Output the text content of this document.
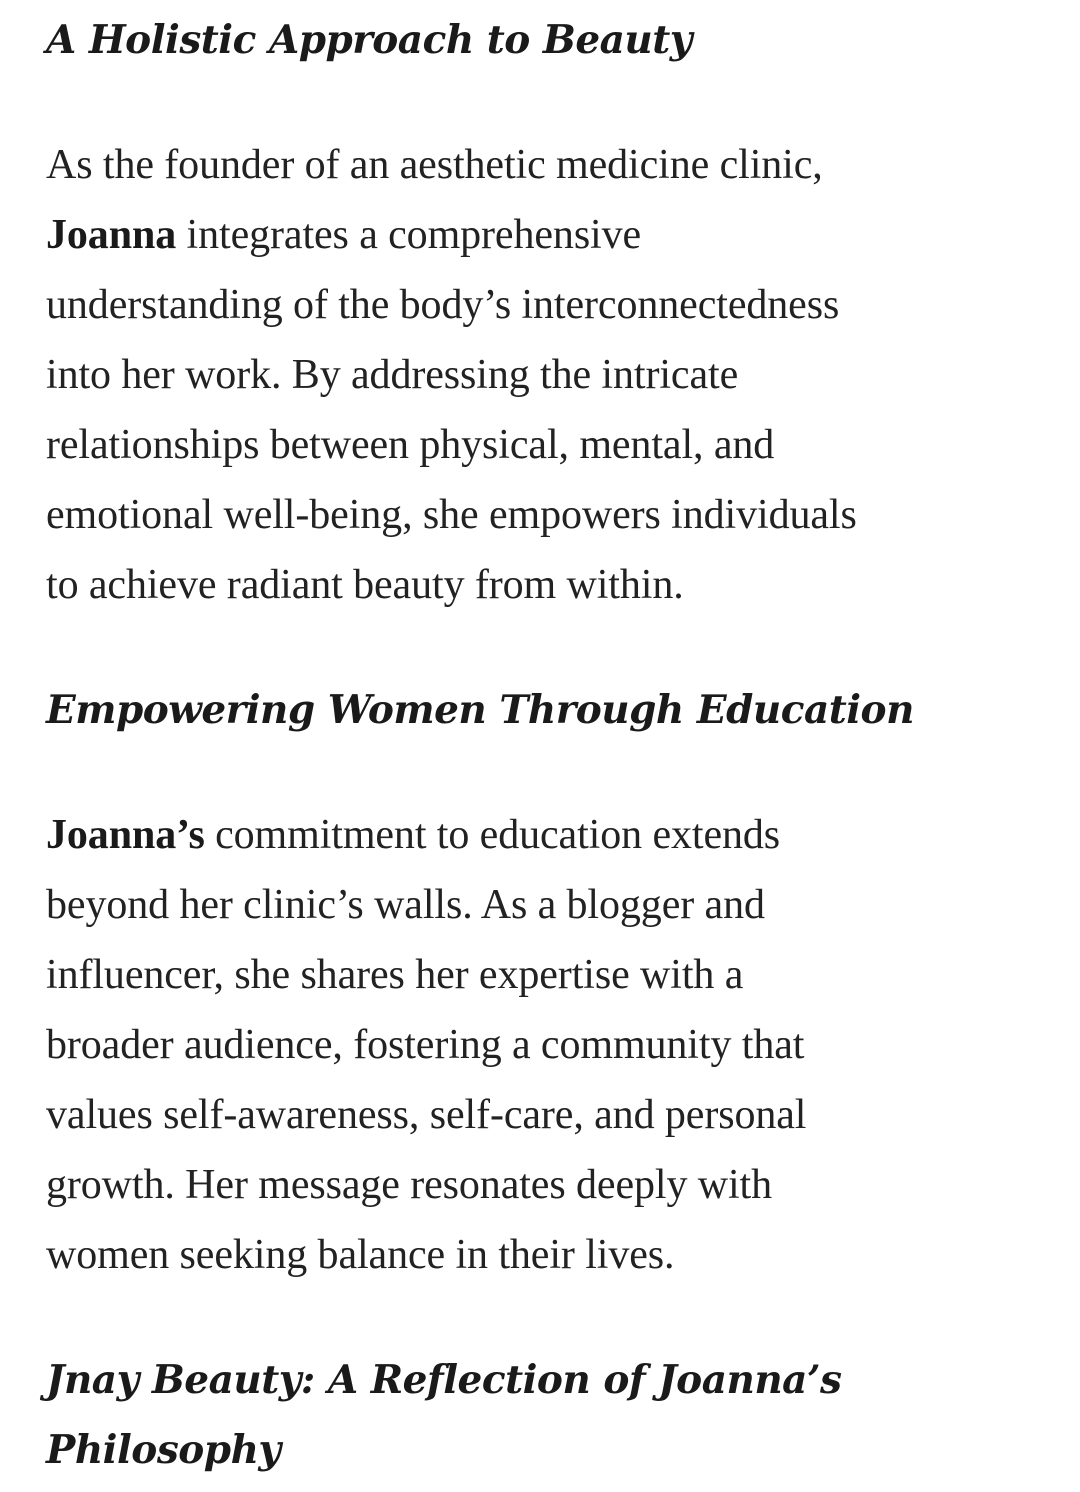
A Holistic Approach to Beauty
As the founder of an aesthetic medicine clinic,
Joanna integrates a comprehensive
understanding of the body’s interconnectedness
into her work. By addressing the intricate
relationships between physical, mental, and
emotional well-being, she empowers individuals
to achieve radiant beauty from within.
Empowering Women Through Education
Joanna’s commitment to education extends
beyond her clinic’s walls. As a blogger and
influencer, she shares her expertise with a
broader audience, fostering a community that
values self-awareness, self-care, and personal
growth. Her message resonates deeply with
women seeking balance in their lives.
Jnay Beauty: A Reflection of Joanna’s
Philosophy
